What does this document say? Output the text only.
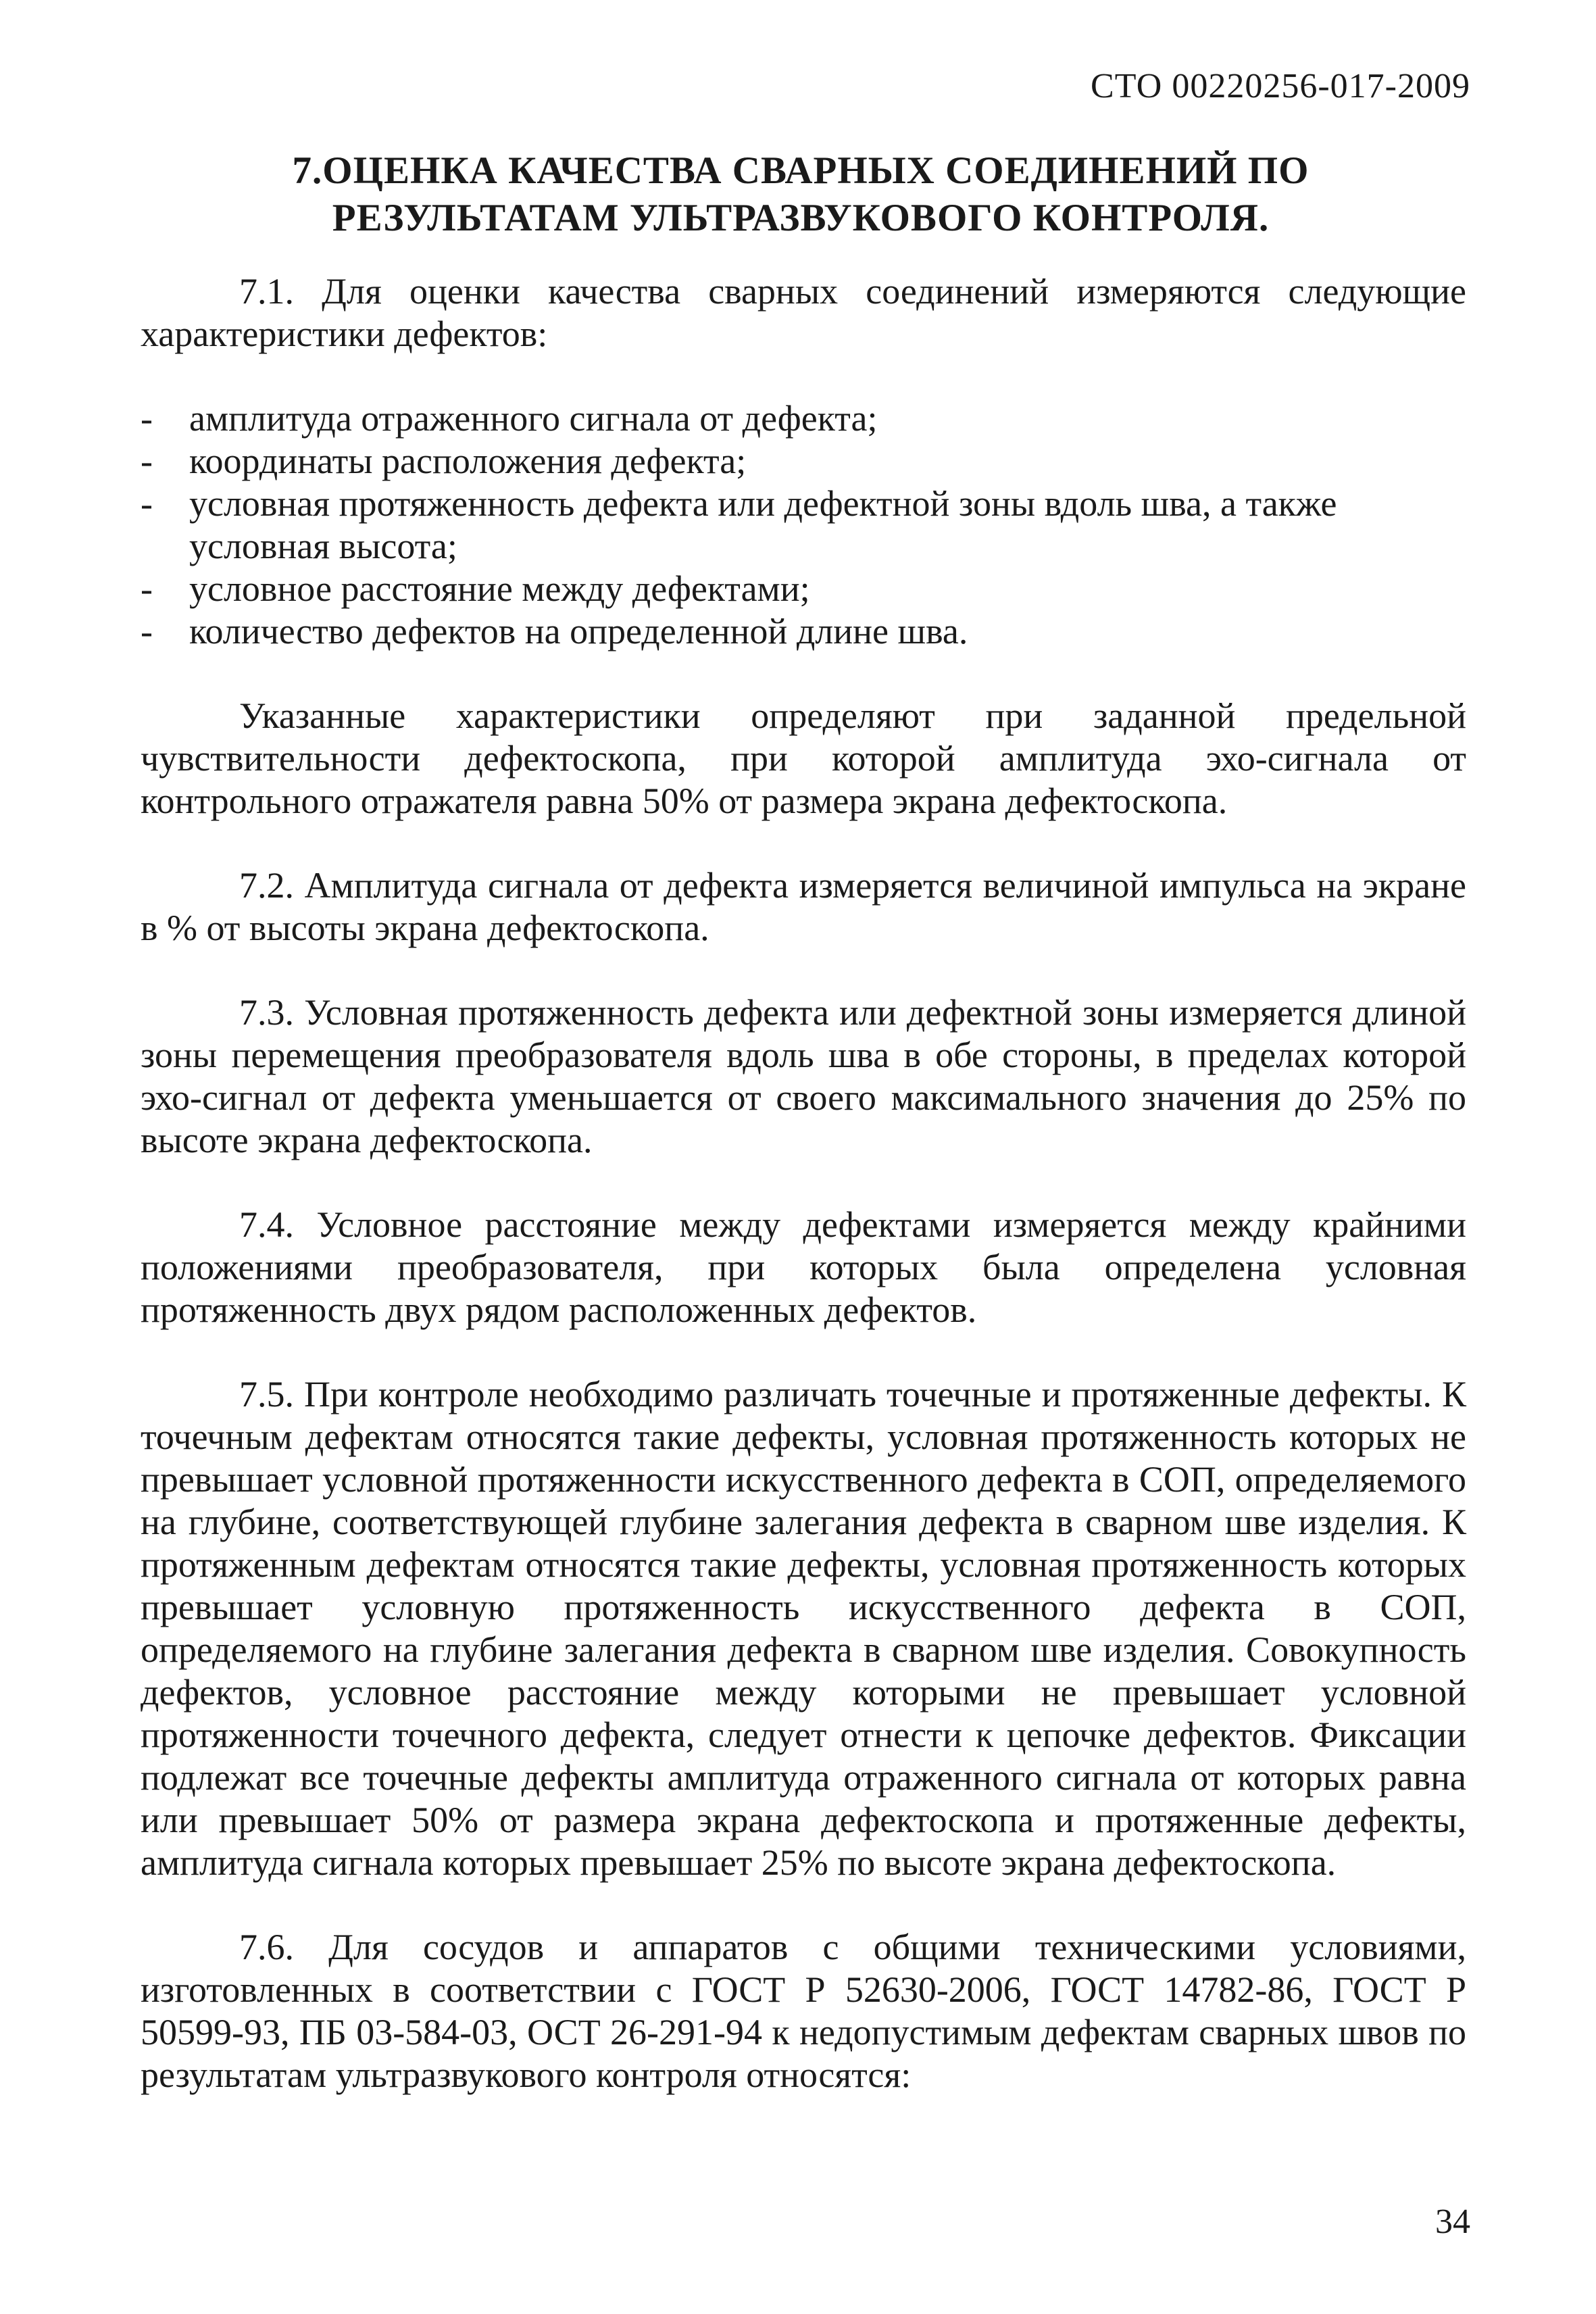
СТО 00220256-017-2009
7.ОЦЕНКА КАЧЕСТВА СВАРНЫХ СОЕДИНЕНИЙ ПО
РЕЗУЛЬТАТАМ УЛЬТРАЗВУКОВОГО КОНТРОЛЯ.

7.1. Для оценки качества сварных соединений измеряются следующие характеристики дефектов:

- амплитуда отраженного сигнала от дефекта;
- координаты расположения дефекта;
- условная протяженность дефекта или дефектной зоны вдоль шва, а также условная высота;
- условное расстояние между дефектами;
- количество дефектов на определенной длине шва.

Указанные характеристики определяют при заданной предельной чувствительности дефектоскопа, при которой амплитуда эхо-сигнала от контрольного отражателя равна 50% от размера экрана дефектоскопа.

7.2. Амплитуда сигнала от дефекта измеряется величиной импульса на экране в % от высоты экрана дефектоскопа.

7.3. Условная протяженность дефекта или дефектной зоны измеряется длиной зоны перемещения преобразователя вдоль шва в обе стороны, в пределах которой эхо-сигнал от дефекта уменьшается от своего максимального значения до 25% по высоте экрана дефектоскопа.

7.4. Условное расстояние между дефектами измеряется между крайними положениями преобразователя, при которых была определена условная протяженность двух рядом расположенных дефектов.

7.5. При контроле необходимо различать точечные и протяженные дефекты. К точечным дефектам относятся такие дефекты, условная протяженность которых не превышает условной протяженности искусственного дефекта в СОП, определяемого на глубине, соответствующей глубине залегания дефекта в сварном шве изделия. К протяженным дефектам относятся такие дефекты, условная протяженность которых превышает условную протяженность искусственного дефекта в СОП, определяемого на глубине залегания дефекта в сварном шве изделия. Совокупность дефектов, условное расстояние между которыми не превышает условной протяженности точечного дефекта, следует отнести к цепочке дефектов. Фиксации подлежат все точечные дефекты амплитуда отраженного сигнала от которых равна или превышает 50% от размера экрана дефектоскопа и протяженные дефекты, амплитуда сигнала которых превышает 25% по высоте экрана дефектоскопа.

7.6. Для сосудов и аппаратов с общими техническими условиями, изготовленных в соответствии с ГОСТ Р 52630-2006, ГОСТ 14782-86, ГОСТ Р 50599-93, ПБ 03-584-03, ОСТ 26-291-94 к недопустимым дефектам сварных швов по результатам ультразвукового контроля относятся:

34
